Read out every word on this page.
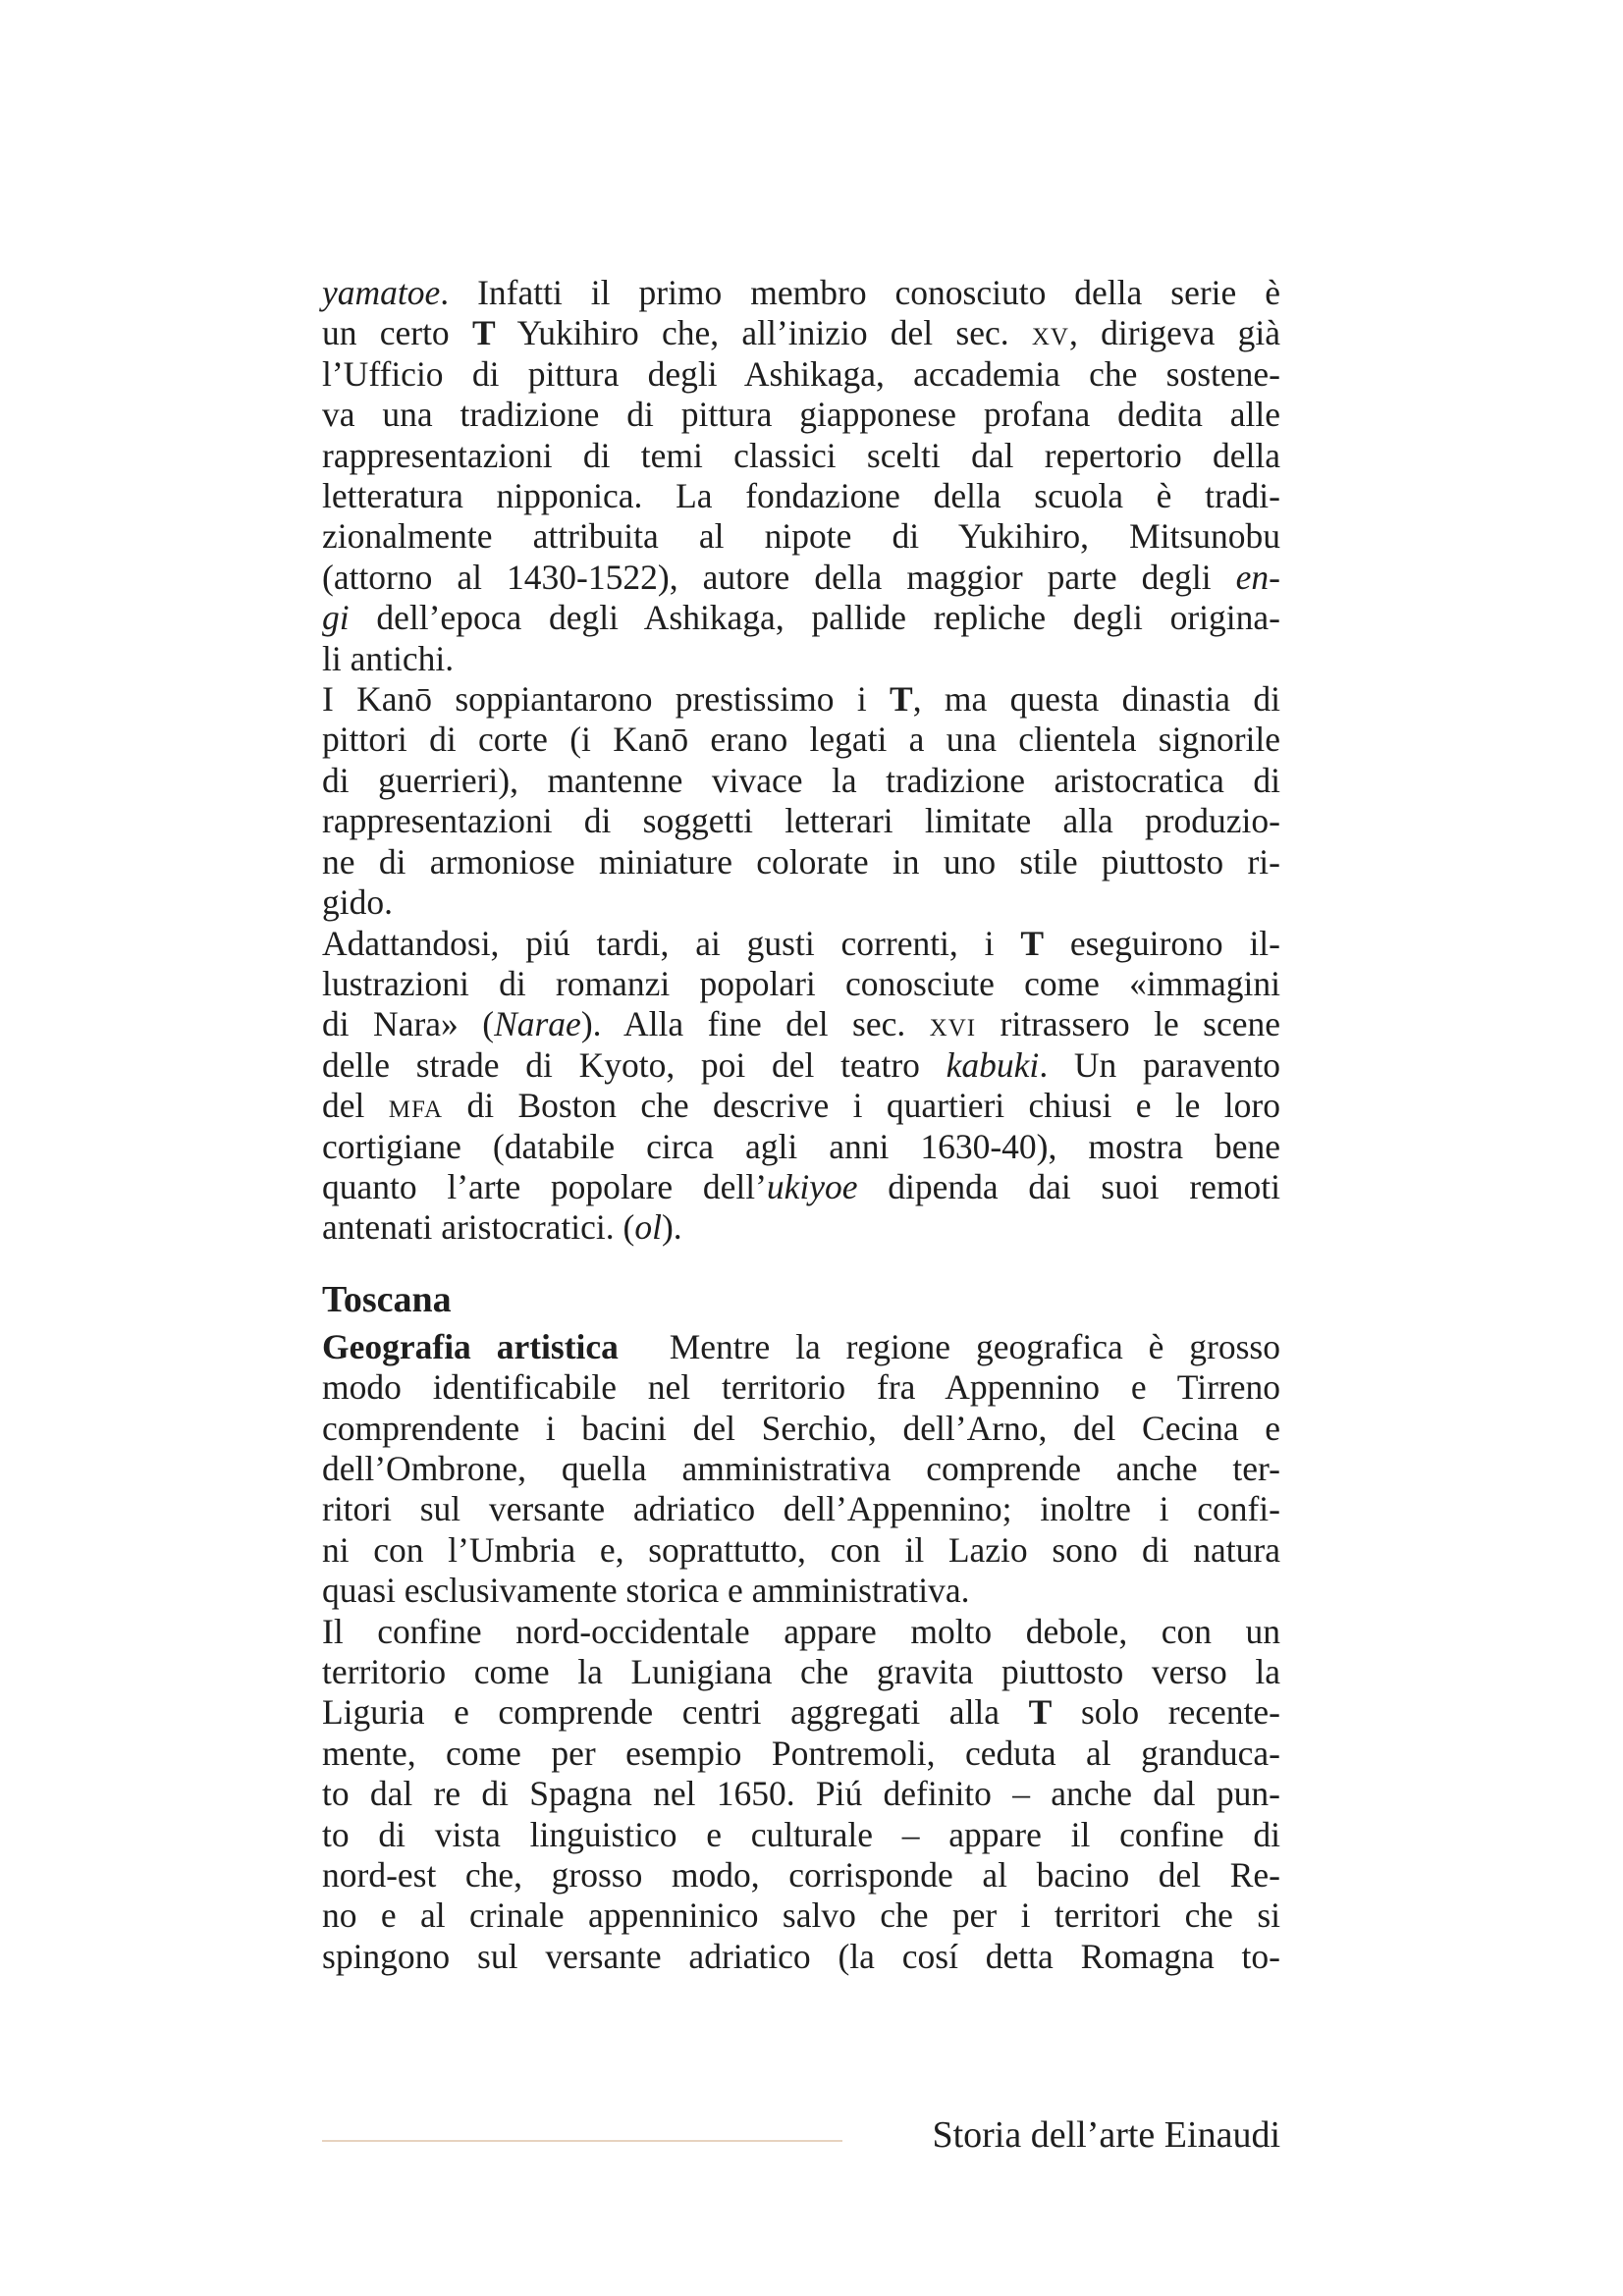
yamatoe. Infatti il primo membro conosciuto della serie è
un certo T Yukihiro che, all’inizio del sec. xv, dirigeva già
l’Ufficio di pittura degli Ashikaga, accademia che sostene-
va una tradizione di pittura giapponese profana dedita alle
rappresentazioni di temi classici scelti dal repertorio della
letteratura nipponica. La fondazione della scuola è tradi-
zionalmente attribuita al nipote di Yukihiro, Mitsunobu
(attorno al 1430-1522), autore della maggior parte degli en-
gi dell’epoca degli Ashikaga, pallide repliche degli origina-
li antichi.

I Kanō soppiantarono prestissimo i T, ma questa dinastia di
pittori di corte (i Kanō erano legati a una clientela signorile
di guerrieri), mantenne vivace la tradizione aristocratica di
rappresentazioni di soggetti letterari limitate alla produzio-
ne di armoniose miniature colorate in uno stile piuttosto ri-
gido.

Adattandosi, piú tardi, ai gusti correnti, i T eseguirono il-
lustrazioni di romanzi popolari conosciute come «immagini
di Nara» (Narae). Alla fine del sec. xvi ritrassero le scene
delle strade di Kyoto, poi del teatro kabuki. Un paravento
del mfa di Boston che descrive i quartieri chiusi e le loro
cortigiane (databile circa agli anni 1630-40), mostra bene
quanto l’arte popolare dell’ukiyoe dipenda dai suoi remoti
antenati aristocratici. (ol).

Toscana

Geografia artistica  Mentre la regione geografica è grosso
modo identificabile nel territorio fra Appennino e Tirreno
comprendente i bacini del Serchio, dell’Arno, del Cecina e
dell’Ombrone, quella amministrativa comprende anche ter-
ritori sul versante adriatico dell’Appennino; inoltre i confi-
ni con l’Umbria e, soprattutto, con il Lazio sono di natura
quasi esclusivamente storica e amministrativa.

Il confine nord-occidentale appare molto debole, con un
territorio come la Lunigiana che gravita piuttosto verso la
Liguria e comprende centri aggregati alla T solo recente-
mente, come per esempio Pontremoli, ceduta al granduca-
to dal re di Spagna nel 1650. Piú definito – anche dal pun-
to di vista linguistico e culturale – appare il confine di
nord-est che, grosso modo, corrisponde al bacino del Re-
no e al crinale appenninico salvo che per i territori che si
spingono sul versante adriatico (la cosí detta Romagna to-

Storia dell’arte Einaudi
